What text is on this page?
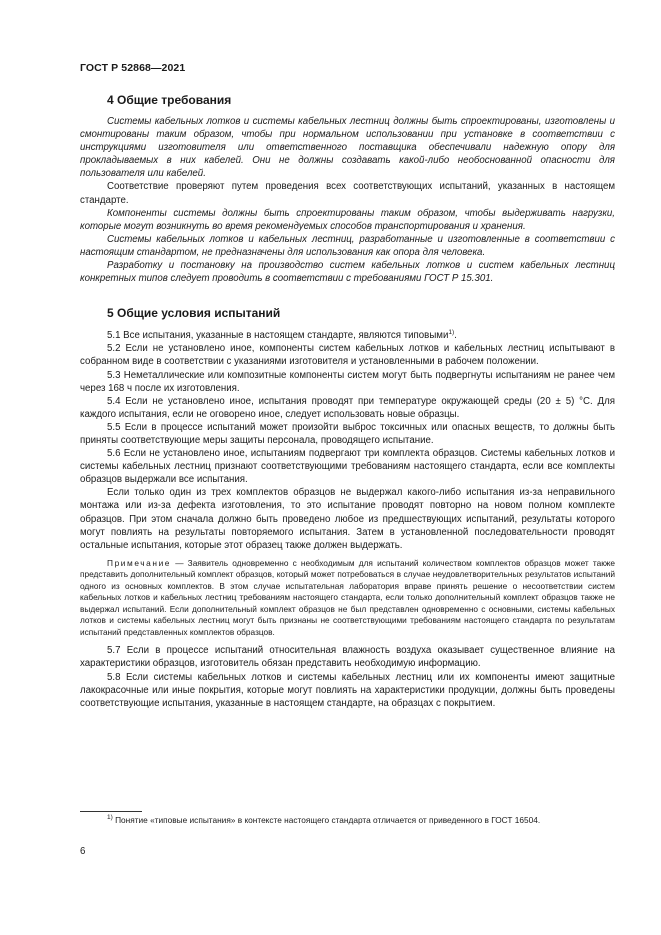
ГОСТ Р 52868—2021
4 Общие требования

Системы кабельных лотков и системы кабельных лестниц должны быть спроектированы, изготовлены и смонтированы таким образом, чтобы при нормальном использовании при установке в соответствии с инструкциями изготовителя или ответственного поставщика обеспечивали надежную опору для прокладываемых в них кабелей. Они не должны создавать какой-либо необоснованной опасности для пользователя или кабелей.

Соответствие проверяют путем проведения всех соответствующих испытаний, указанных в настоящем стандарте.

Компоненты системы должны быть спроектированы таким образом, чтобы выдерживать нагрузки, которые могут возникнуть во время рекомендуемых способов транспортирования и хранения.

Системы кабельных лотков и кабельных лестниц, разработанные и изготовленные в соответствии с настоящим стандартом, не предназначены для использования как опора для человека.

Разработку и постановку на производство систем кабельных лотков и систем кабельных лестниц конкретных типов следует проводить в соответствии с требованиями ГОСТ Р 15.301.

5 Общие условия испытаний

5.1 Все испытания, указанные в настоящем стандарте, являются типовыми$^{1)}$.

5.2 Если не установлено иное, компоненты систем кабельных лотков и кабельных лестниц испытывают в собранном виде в соответствии с указаниями изготовителя и установленными в рабочем положении.

5.3 Неметаллические или композитные компоненты систем могут быть подвергнуты испытаниям не ранее чем через 168 ч после их изготовления.

5.4 Если не установлено иное, испытания проводят при температуре окружающей среды (20 ± 5) °С. Для каждого испытания, если не оговорено иное, следует использовать новые образцы.

5.5 Если в процессе испытаний может произойти выброс токсичных или опасных веществ, то должны быть приняты соответствующие меры защиты персонала, проводящего испытание.

5.6 Если не установлено иное, испытаниям подвергают три комплекта образцов. Системы кабельных лотков и системы кабельных лестниц признают соответствующими требованиям настоящего стандарта, если все комплекты образцов выдержали все испытания.

Если только один из трех комплектов образцов не выдержал какого-либо испытания из-за неправильного монтажа или из-за дефекта изготовления, то это испытание проводят повторно на новом полном комплекте образцов. При этом сначала должно быть проведено любое из предшествующих испытаний, результаты которого могут повлиять на результаты повторяемого испытания. Затем в установленной последовательности проводят остальные испытания, которые этот образец также должен выдержать.

Примечание — Заявитель одновременно с необходимым для испытаний количеством комплектов образцов может также представить дополнительный комплект образцов, который может потребоваться в случае неудовлетворительных результатов испытаний одного из основных комплектов. В этом случае испытательная лаборатория вправе принять решение о несоответствии систем кабельных лотков и кабельных лестниц требованиям настоящего стандарта, если только дополнительный комплект образцов также не выдержал испытаний. Если дополнительный комплект образцов не был представлен одновременно с основными, системы кабельных лотков и системы кабельных лестниц могут быть признаны не соответствующими требованиям настоящего стандарта по результатам испытаний представленных комплектов образцов.

5.7 Если в процессе испытаний относительная влажность воздуха оказывает существенное влияние на характеристики образцов, изготовитель обязан представить необходимую информацию.

5.8 Если системы кабельных лотков и системы кабельных лестниц или их компоненты имеют защитные лакокрасочные или иные покрытия, которые могут повлиять на характеристики продукции, должны быть проведены соответствующие испытания, указанные в настоящем стандарте, на образцах с покрытием.

$^{1)}$ Понятие «типовые испытания» в контексте настоящего стандарта отличается от приведенного в ГОСТ 16504.

6
